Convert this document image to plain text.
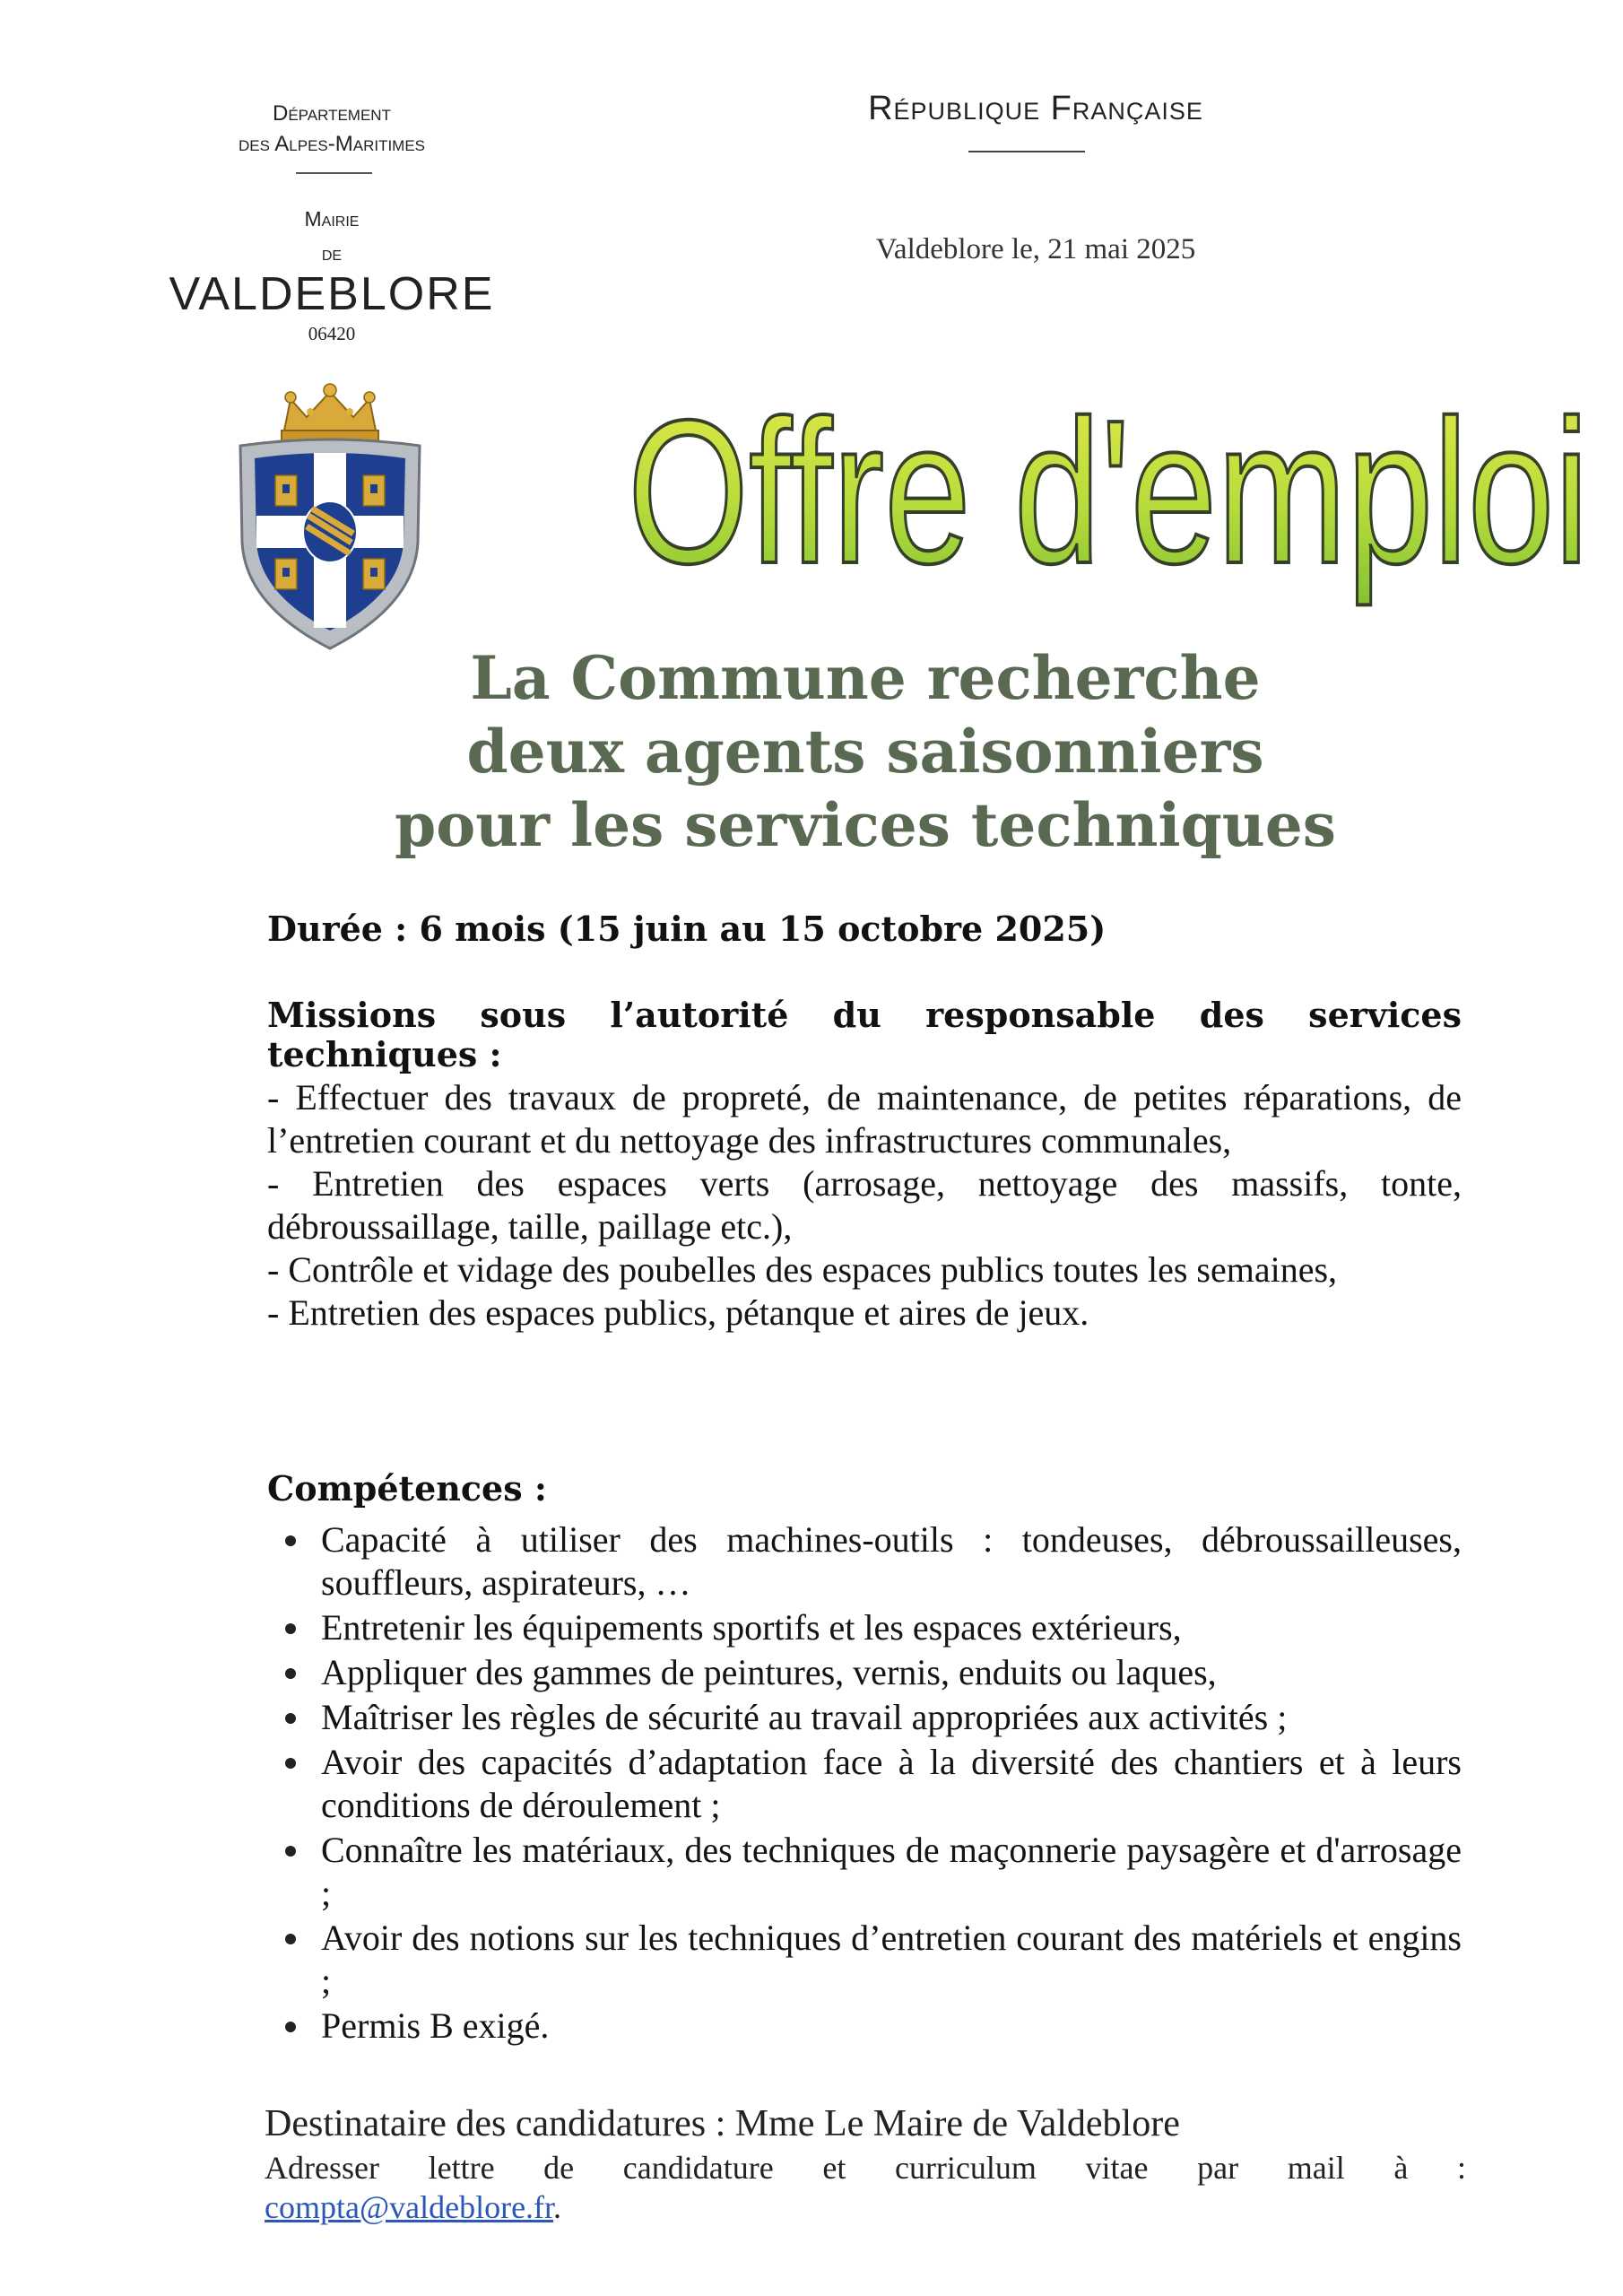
Département
des Alpes-Maritimes
Mairie
de
VALDEBLORE
06420
République Française
Valdeblore le, 21 mai 2025
Offre d'emploi
La Commune recherche
deux agents saisonniers
pour les services techniques
Durée : 6 mois (15 juin au 15 octobre 2025)
Missions sous l’autorité du responsable des services
techniques :
- Effectuer des travaux de propreté, de maintenance, de petites réparations, de l’entretien courant et du nettoyage des infrastructures communales,
- Entretien des espaces verts (arrosage, nettoyage des massifs, tonte, débroussaillage, taille, paillage etc.),
- Contrôle et vidage des poubelles des espaces publics toutes les semaines,
- Entretien des espaces publics, pétanque et aires de jeux.
Compétences :
Capacité à utiliser des machines-outils : tondeuses, débroussailleuses, souffleurs, aspirateurs, …
Entretenir les équipements sportifs et les espaces extérieurs,
Appliquer des gammes de peintures, vernis, enduits ou laques,
Maîtriser les règles de sécurité au travail appropriées aux activités ;
Avoir des capacités d’adaptation face à la diversité des chantiers et à leurs conditions de déroulement ;
Connaître les matériaux, des techniques de maçonnerie paysagère et d'arrosage ;
Avoir des notions sur les techniques d’entretien courant des matériels et engins ;
Permis B exigé.
Destinataire des candidatures : Mme Le Maire de Valdeblore
Adresser lettre de candidature et curriculum vitae par mail à :
compta@valdeblore.fr.
